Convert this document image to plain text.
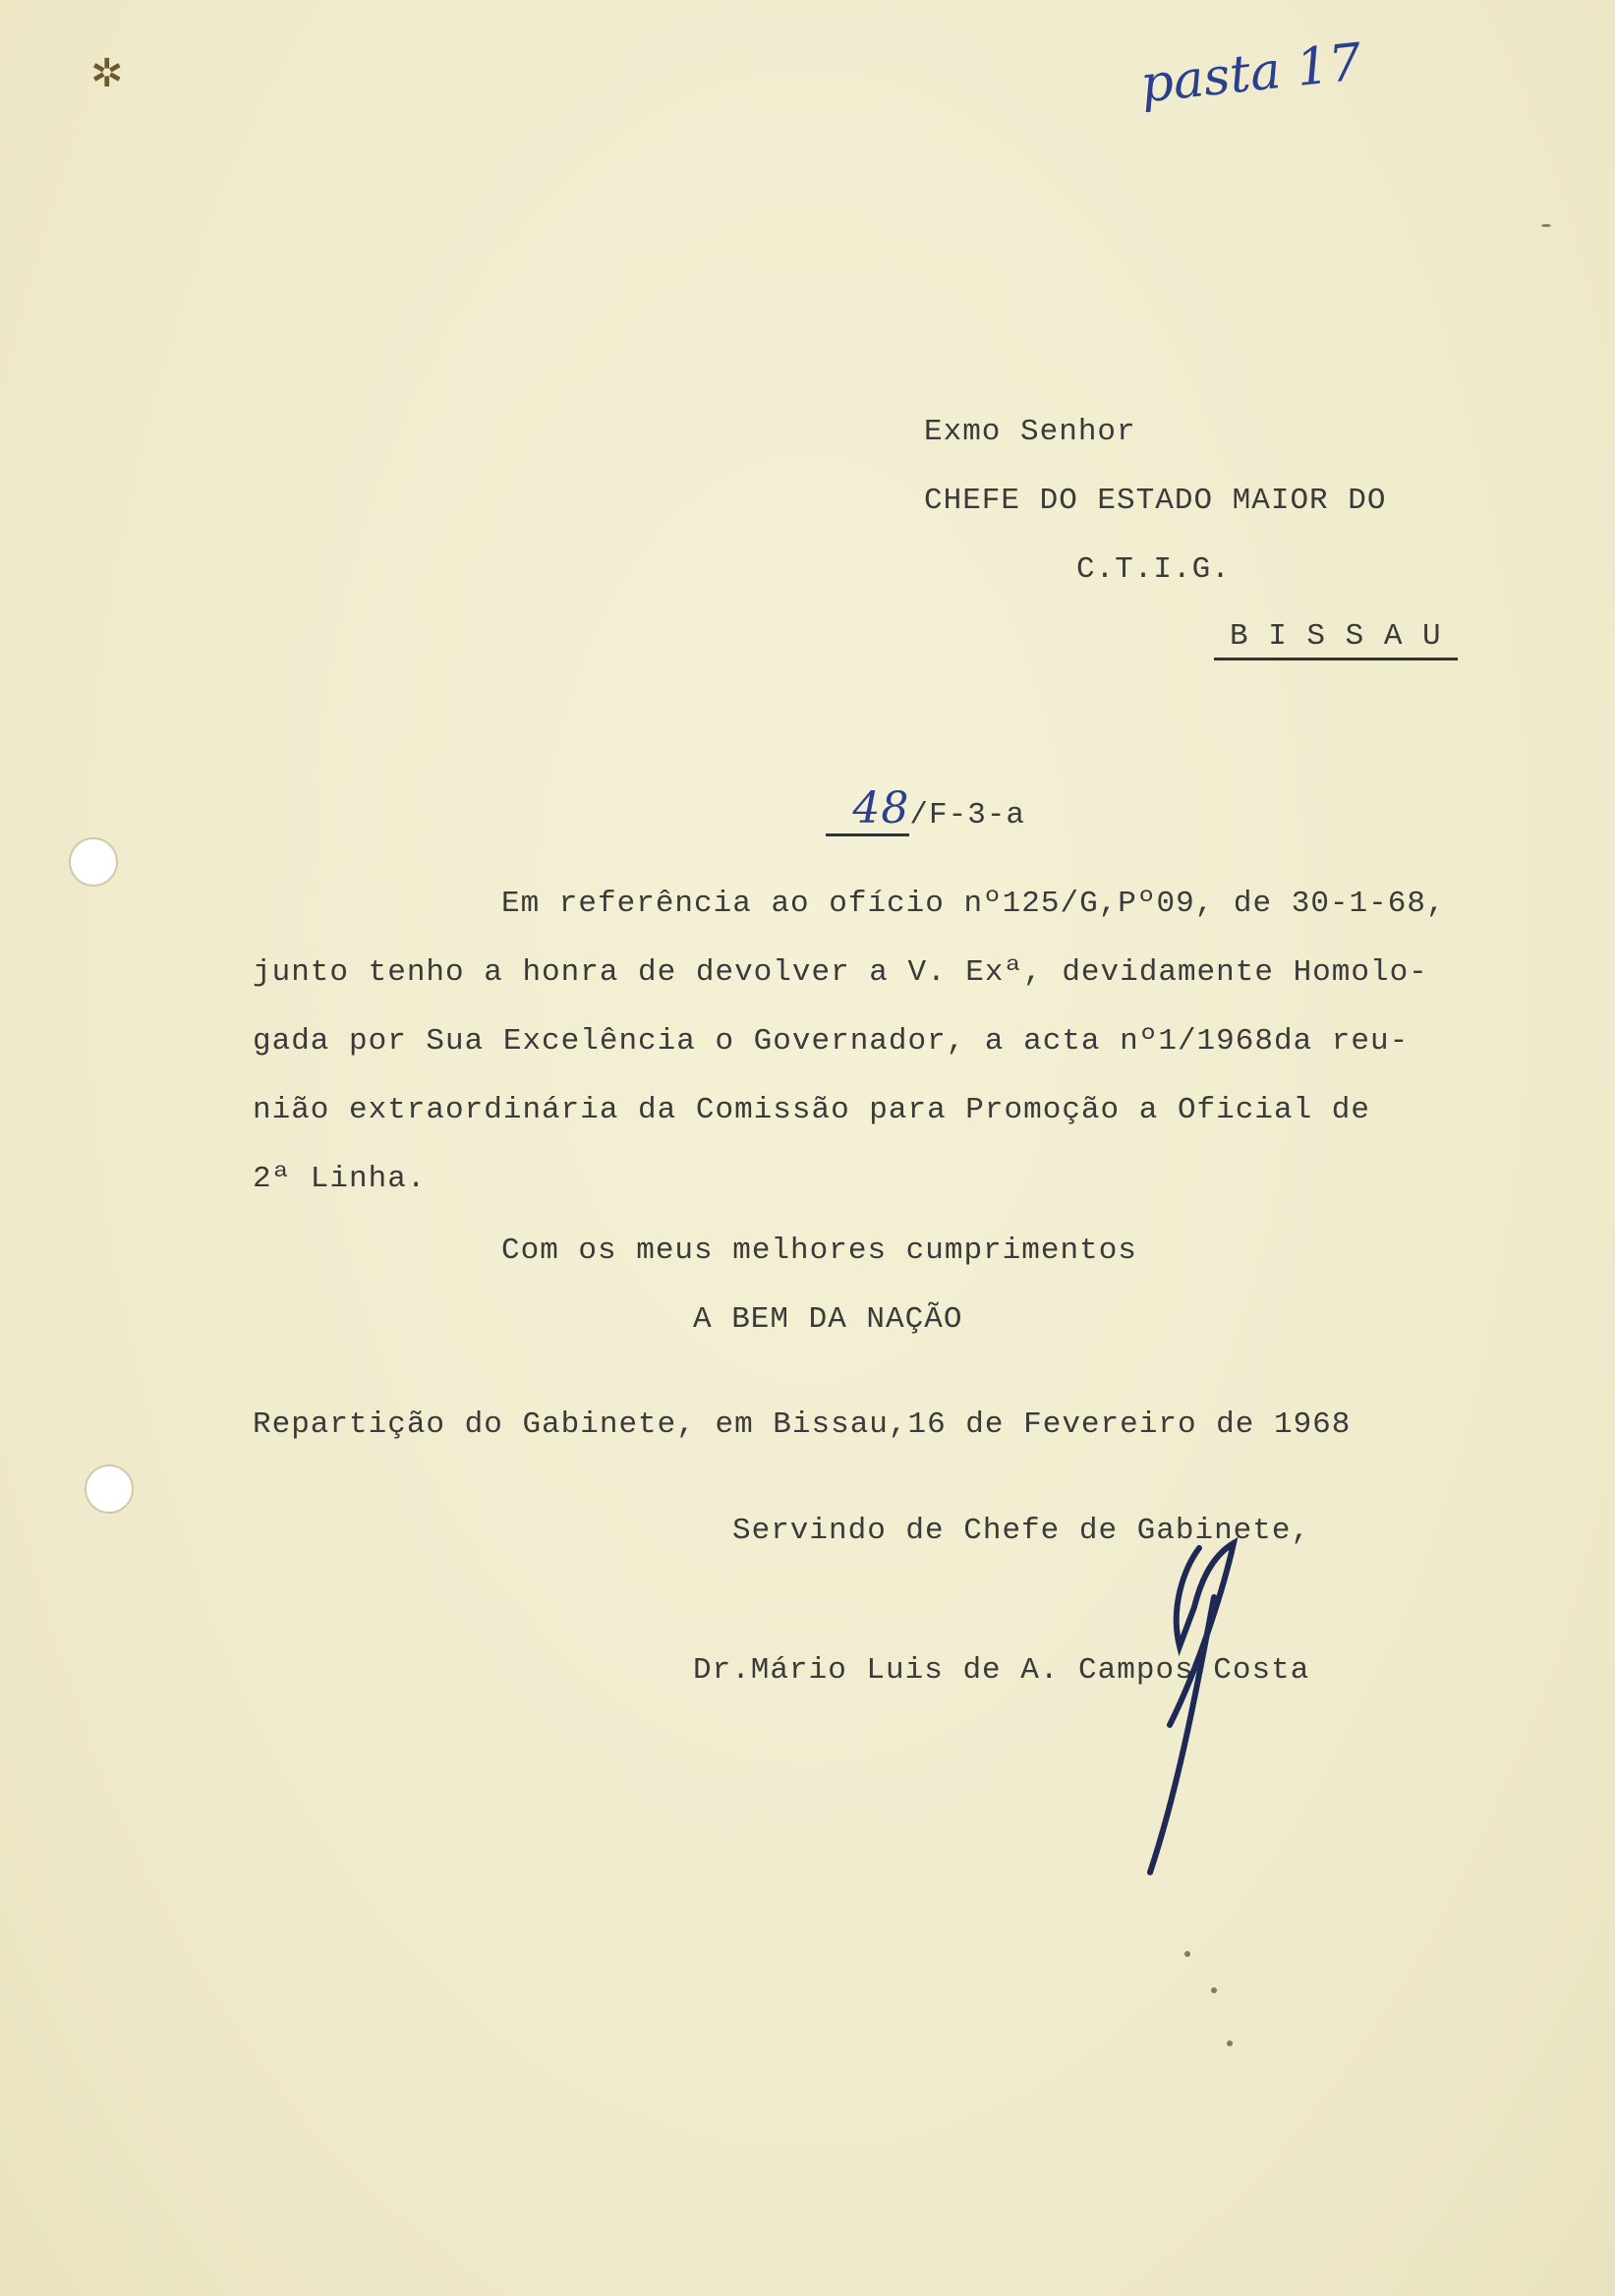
✲	pasta 17
Exmo Senhor
CHEFE DO ESTADO MAIOR DO
C.T.I.G.
B I S S A U

48/F-3-a

Em referência ao ofício nº125/G,Pº09, de 30-1-68,
junto tenho a honra de devolver a V. Exª, devidamente Homolo-
gada por Sua Excelência o Governador, a acta nº1/1968da reu-
nião extraordinária da Comissão para Promoção a Oficial de
2ª Linha.
Com os meus melhores cumprimentos
A BEM DA NAÇÃO
Repartição do Gabinete, em Bissau,16 de Fevereiro de 1968
Servindo de Chefe de Gabinete,
Dr.Mário Luis de A. Campos Costa
